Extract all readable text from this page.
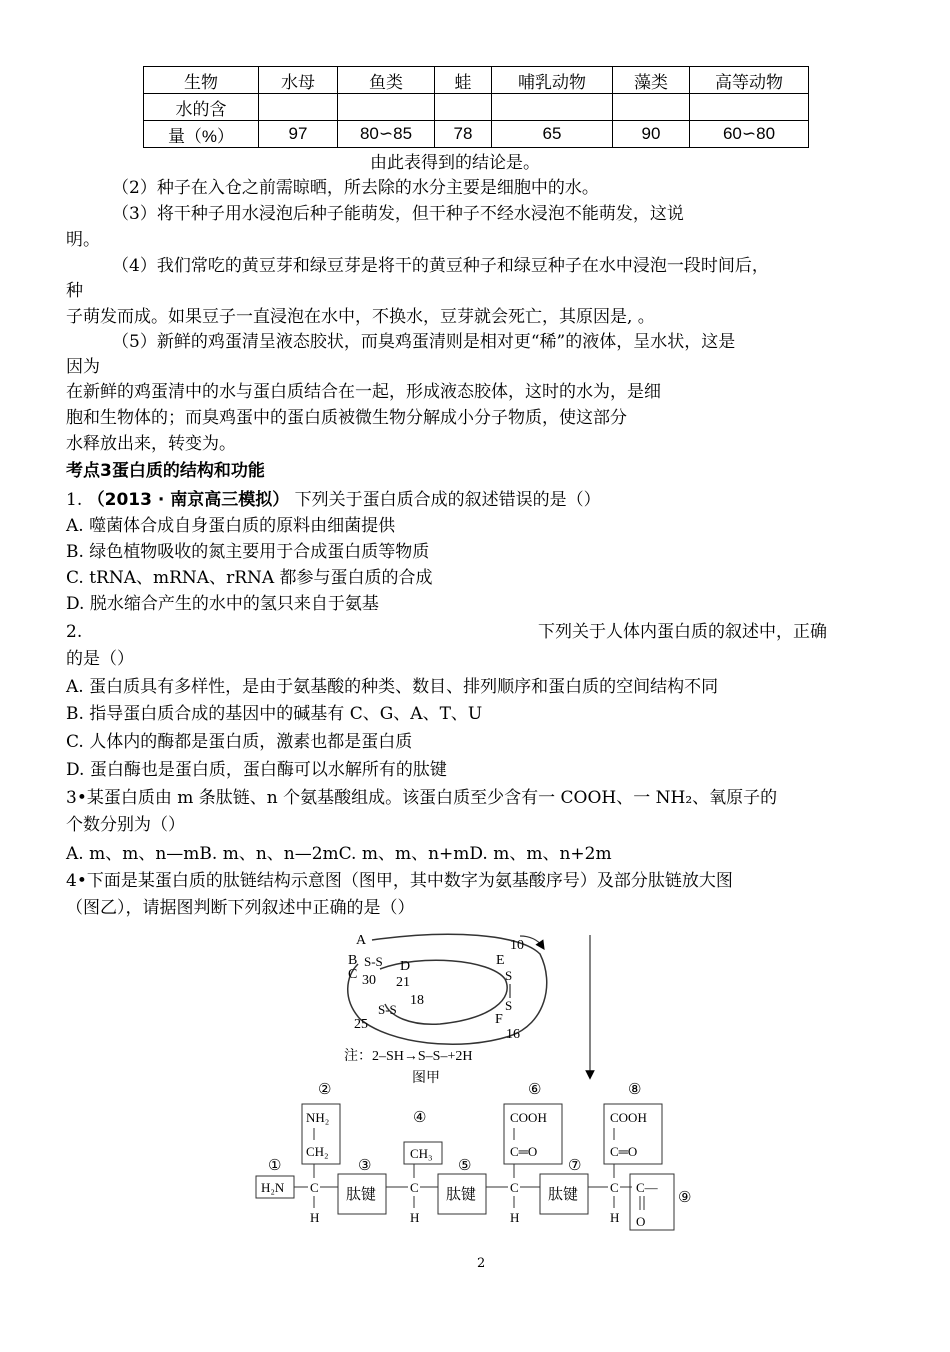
生物	水母	鱼类	蛙	哺乳动物	藻类	高等动物
水的含						
量（%）	97	80∽85	78	65	90	60∽80
由此表得到的结论是。
（2）种子在入仓之前需晾晒，所去除的水分主要是细胞中的水。
（3）将干种子用水浸泡后种子能萌发，但干种子不经水浸泡不能萌发，这说
明。
（4）我们常吃的黄豆芽和绿豆芽是将干的黄豆种子和绿豆种子在水中浸泡一段时间后，
种
子萌发而成。如果豆子一直浸泡在水中，不换水，豆芽就会死亡，其原因是, 。
（5）新鲜的鸡蛋清呈液态胶状，而臭鸡蛋清则是相对更“稀”的液体，呈水状，这是
因为
在新鲜的鸡蛋清中的水与蛋白质结合在一起，形成液态胶体，这时的水为，是细
胞和生物体的；而臭鸡蛋中的蛋白质被微生物分解成小分子物质，使这部分
水释放出来，转变为。
考点3蛋白质的结构和功能
1. （2013 · 南京高三模拟） 下列关于蛋白质合成的叙述错误的是（）
A. 噬菌体合成自身蛋白质的原料由细菌提供
B. 绿色植物吸收的氮主要用于合成蛋白质等物质
C. tRNA、mRNA、rRNA 都参与蛋白质的合成
D. 脱水缩合产生的水中的氢只来自于氨基
2.	下列关于人体内蛋白质的叙述中，正确
的是（）
A. 蛋白质具有多样性，是由于氨基酸的种类、数目、排列顺序和蛋白质的空间结构不同
B. 指导蛋白质合成的基因中的碱基有 C、G、A、T、U
C. 人体内的酶都是蛋白质，激素也都是蛋白质
D. 蛋白酶也是蛋白质，蛋白酶可以水解所有的肽键
3•某蛋白质由 m 条肽链、n 个氨基酸组成。该蛋白质至少含有一 COOH、一 NH₂、氧原子的
个数分别为（）
A. m、m、n—mB. m、n、n—2mC. m、m、n+mD. m、m、n+2m
4•下面是某蛋白质的肽链结构示意图（图甲，其中数字为氨基酸序号）及部分肽链放大图
（图乙），请据图判断下列叙述中正确的是（）
A	10
B
C
S-S D	E
30 21	S
S
18
S-S
F
25
16
注：2–SH→S–S–+2H
图甲
①
H₂N C
H
②
NH₂
CH₂
③
肽键
④
CH₃
C
H
⑤
肽键
⑥
COOH
C═O
C
H
⑦
肽键
⑧
COOH
C═O
C
H
C—
O
⑨
2
